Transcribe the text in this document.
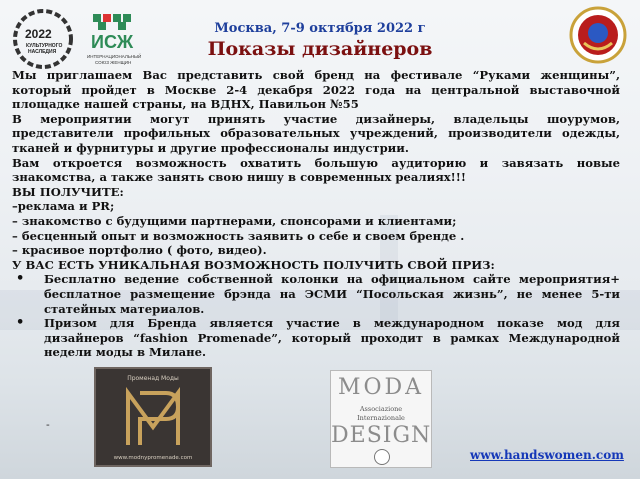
2022
КУЛЬТУРНОГО
НАСЛЕДИЯ ИСЖ
ИНТЕРНАЦИОНАЛЬНЫЙ
СОЮЗ ЖЕНЩИН
Москва, 7-9 октября 2022 г
Показы дизайнеров

Мы приглашаем Вас представить свой бренд на фестивале “Руками женщины”, который пройдет в Москве 2-4 декабря 2022 года на центральной выставочной площадке нашей страны, на ВДНХ, Павильон №55

В мероприятии могут принять участие дизайнеры, владельцы шоурумов, представители профильных образовательных учреждений, производители одежды, тканей и фурнитуры и другие профессионалы индустрии.

Вам откроется возможность охватить большую аудиторию и завязать новые знакомства, а также занять свою нишу в современных реалиях!!!

ВЫ ПОЛУЧИТЕ:

–реклама и PR;

– знакомство с будущими партнерами, спонсорами и клиентами;

– бесценный опыт и возможность заявить о себе и своем бренде .

– красивое портфолио ( фото, видео).

У ВАС ЕСТЬ УНИКАЛЬНАЯ ВОЗМОЖНОСТЬ ПОЛУЧИТЬ СВОЙ ПРИЗ:

• Бесплатно ведение собственной колонки на официальном сайте мероприятия+ бесплатное размещение брэнда на ЭСМИ “Посольская жизнь”, не менее 5-ти статейных материалов.
• Призом для Бренда является участие в международном показе мод для дизайнеров “fashion Promenade”, который проходит в рамках Международной недели моды в Милане.
Променад Моды
www.modnypromenade.com
-
MODA
Associazione
Internazionale
DESIGN
www.handswomen.com
